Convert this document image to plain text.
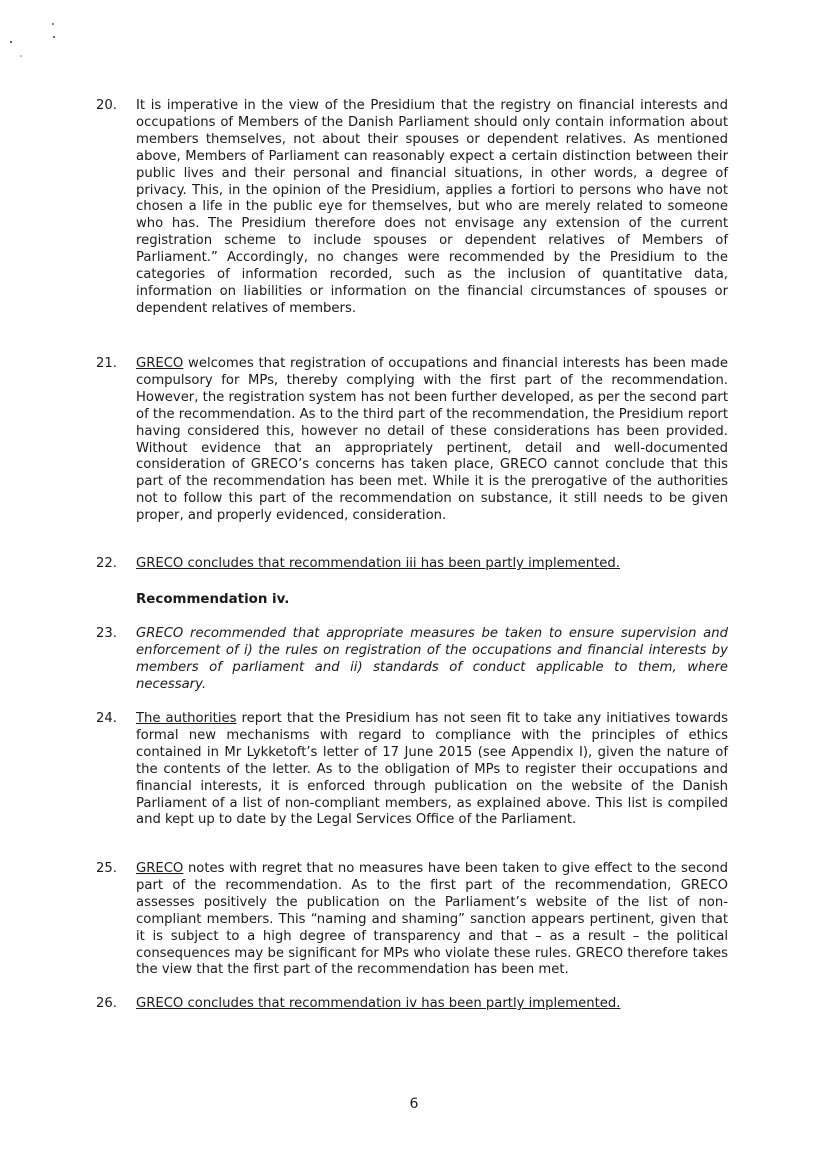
20.	It is imperative in the view of the Presidium that the registry on financial interests and occupations of Members of the Danish Parliament should only contain information about members themselves, not about their spouses or dependent relatives. As mentioned above, Members of Parliament can reasonably expect a certain distinction between their public lives and their personal and financial situations, in other words, a degree of privacy. This, in the opinion of the Presidium, applies a fortiori to persons who have not chosen a life in the public eye for themselves, but who are merely related to someone who has. The Presidium therefore does not envisage any extension of the current registration scheme to include spouses or dependent relatives of Members of Parliament.” Accordingly, no changes were recommended by the Presidium to the categories of information recorded, such as the inclusion of quantitative data, information on liabilities or information on the financial circumstances of spouses or dependent relatives of members.
21.	GRECO welcomes that registration of occupations and financial interests has been made compulsory for MPs, thereby complying with the first part of the recommendation. However, the registration system has not been further developed, as per the second part of the recommendation. As to the third part of the recommendation, the Presidium report having considered this, however no detail of these considerations has been provided. Without evidence that an appropriately pertinent, detail and well-documented consideration of GRECO’s concerns has taken place, GRECO cannot conclude that this part of the recommendation has been met. While it is the prerogative of the authorities not to follow this part of the recommendation on substance, it still needs to be given proper, and properly evidenced, consideration.
22.	GRECO concludes that recommendation iii has been partly implemented.
Recommendation iv.
23.	GRECO recommended that appropriate measures be taken to ensure supervision and enforcement of i) the rules on registration of the occupations and financial interests by members of parliament and ii) standards of conduct applicable to them, where necessary.
24.	The authorities report that the Presidium has not seen fit to take any initiatives towards formal new mechanisms with regard to compliance with the principles of ethics contained in Mr Lykketoft’s letter of 17 June 2015 (see Appendix I), given the nature of the contents of the letter. As to the obligation of MPs to register their occupations and financial interests, it is enforced through publication on the website of the Danish Parliament of a list of non-compliant members, as explained above. This list is compiled and kept up to date by the Legal Services Office of the Parliament.
25.	GRECO notes with regret that no measures have been taken to give effect to the second part of the recommendation. As to the first part of the recommendation, GRECO assesses positively the publication on the Parliament’s website of the list of non-compliant members. This “naming and shaming” sanction appears pertinent, given that it is subject to a high degree of transparency and that – as a result – the political consequences may be significant for MPs who violate these rules. GRECO therefore takes the view that the first part of the recommendation has been met.
26.	GRECO concludes that recommendation iv has been partly implemented.
6
